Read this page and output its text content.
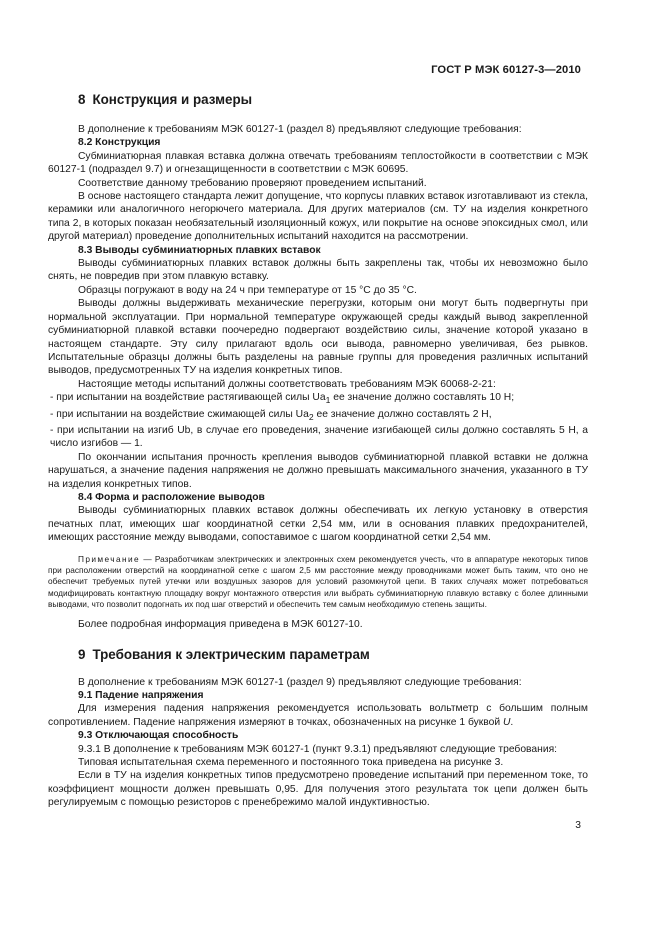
ГОСТ Р МЭК 60127-3—2010
8 Конструкция и размеры

В дополнение к требованиям МЭК 60127-1 (раздел 8) предъявляют следующие требования:

8.2 Конструкция

Субминиатюрная плавкая вставка должна отвечать требованиям теплостойкости в соответствии с МЭК 60127-1 (подраздел 9.7) и огнезащищенности в соответствии с МЭК 60695.

Соответствие данному требованию проверяют проведением испытаний.

В основе настоящего стандарта лежит допущение, что корпусы плавких вставок изготавливают из стекла, керамики или аналогичного негорючего материала. Для других материалов (см. ТУ на изделия конкретного типа 2, в которых показан необязательный изоляционный кожух, или покрытие на основе эпоксидных смол, или другой материал) проведение дополнительных испытаний находится на рассмотрении.

8.3 Выводы субминиатюрных плавких вставок

Выводы субминиатюрных плавких вставок должны быть закреплены так, чтобы их невозможно было снять, не повредив при этом плавкую вставку.

Образцы погружают в воду на 24 ч при температуре от 15 °С до 35 °С.

Выводы должны выдерживать механические перегрузки, которым они могут быть подвергнуты при нормальной эксплуатации. При нормальной температуре окружающей среды каждый вывод закрепленной субминиатюрной плавкой вставки поочередно подвергают воздействию силы, значение которой указано в настоящем стандарте. Эту силу прилагают вдоль оси вывода, равномерно увеличивая, без рывков. Испытательные образцы должны быть разделены на равные группы для проведения различных испытаний выводов, предусмотренных ТУ на изделия конкретных типов.

Настоящие методы испытаний должны соответствовать требованиям МЭК 60068-2-21:

- при испытании на воздействие растягивающей силы $Ua_1$ ее значение должно составлять 10 Н;

- при испытании на воздействие сжимающей силы $Ua_2$ ее значение должно составлять 2 Н,

- при испытании на изгиб Ub, в случае его проведения, значение изгибающей силы должно составлять 5 Н, а число изгибов — 1.

По окончании испытания прочность крепления выводов субминиатюрной плавкой вставки не должна нарушаться, а значение падения напряжения не должно превышать максимального значения, указанного в ТУ на изделия конкретных типов.

8.4 Форма и расположение выводов

Выводы субминиатюрных плавких вставок должны обеспечивать их легкую установку в отверстия печатных плат, имеющих шаг координатной сетки 2,54 мм, или в основания плавких предохранителей, имеющих расстояние между выводами, сопоставимое с шагом координатной сетки 2,54 мм.

Примечание — Разработчикам электрических и электронных схем рекомендуется учесть, что в аппаратуре некоторых типов при расположении отверстий на координатной сетке с шагом 2,5 мм расстояние между проводниками может быть таким, что оно не обеспечит требуемых путей утечки или воздушных зазоров для условий разомкнутой цепи. В таких случаях может потребоваться модифицировать контактную площадку вокруг монтажного отверстия или выбрать субминиатюрную плавкую вставку с более длинными выводами, что позволит подогнать их под шаг отверстий и обеспечить тем самым необходимую степень защиты.

Более подробная информация приведена в МЭК 60127-10.

9 Требования к электрическим параметрам

В дополнение к требованиям МЭК 60127-1 (раздел 9) предъявляют следующие требования:

9.1 Падение напряжения

Для измерения падения напряжения рекомендуется использовать вольтметр с большим полным сопротивлением. Падение напряжения измеряют в точках, обозначенных на рисунке 1 буквой U.

9.3 Отключающая способность

9.3.1 В дополнение к требованиям МЭК 60127-1 (пункт 9.3.1) предъявляют следующие требования:

Типовая испытательная схема переменного и постоянного тока приведена на рисунке 3.

Если в ТУ на изделия конкретных типов предусмотрено проведение испытаний при переменном токе, то коэффициент мощности должен превышать 0,95. Для получения этого результата ток цепи должен быть регулируемым с помощью резисторов с пренебрежимо малой индуктивностью.

3
